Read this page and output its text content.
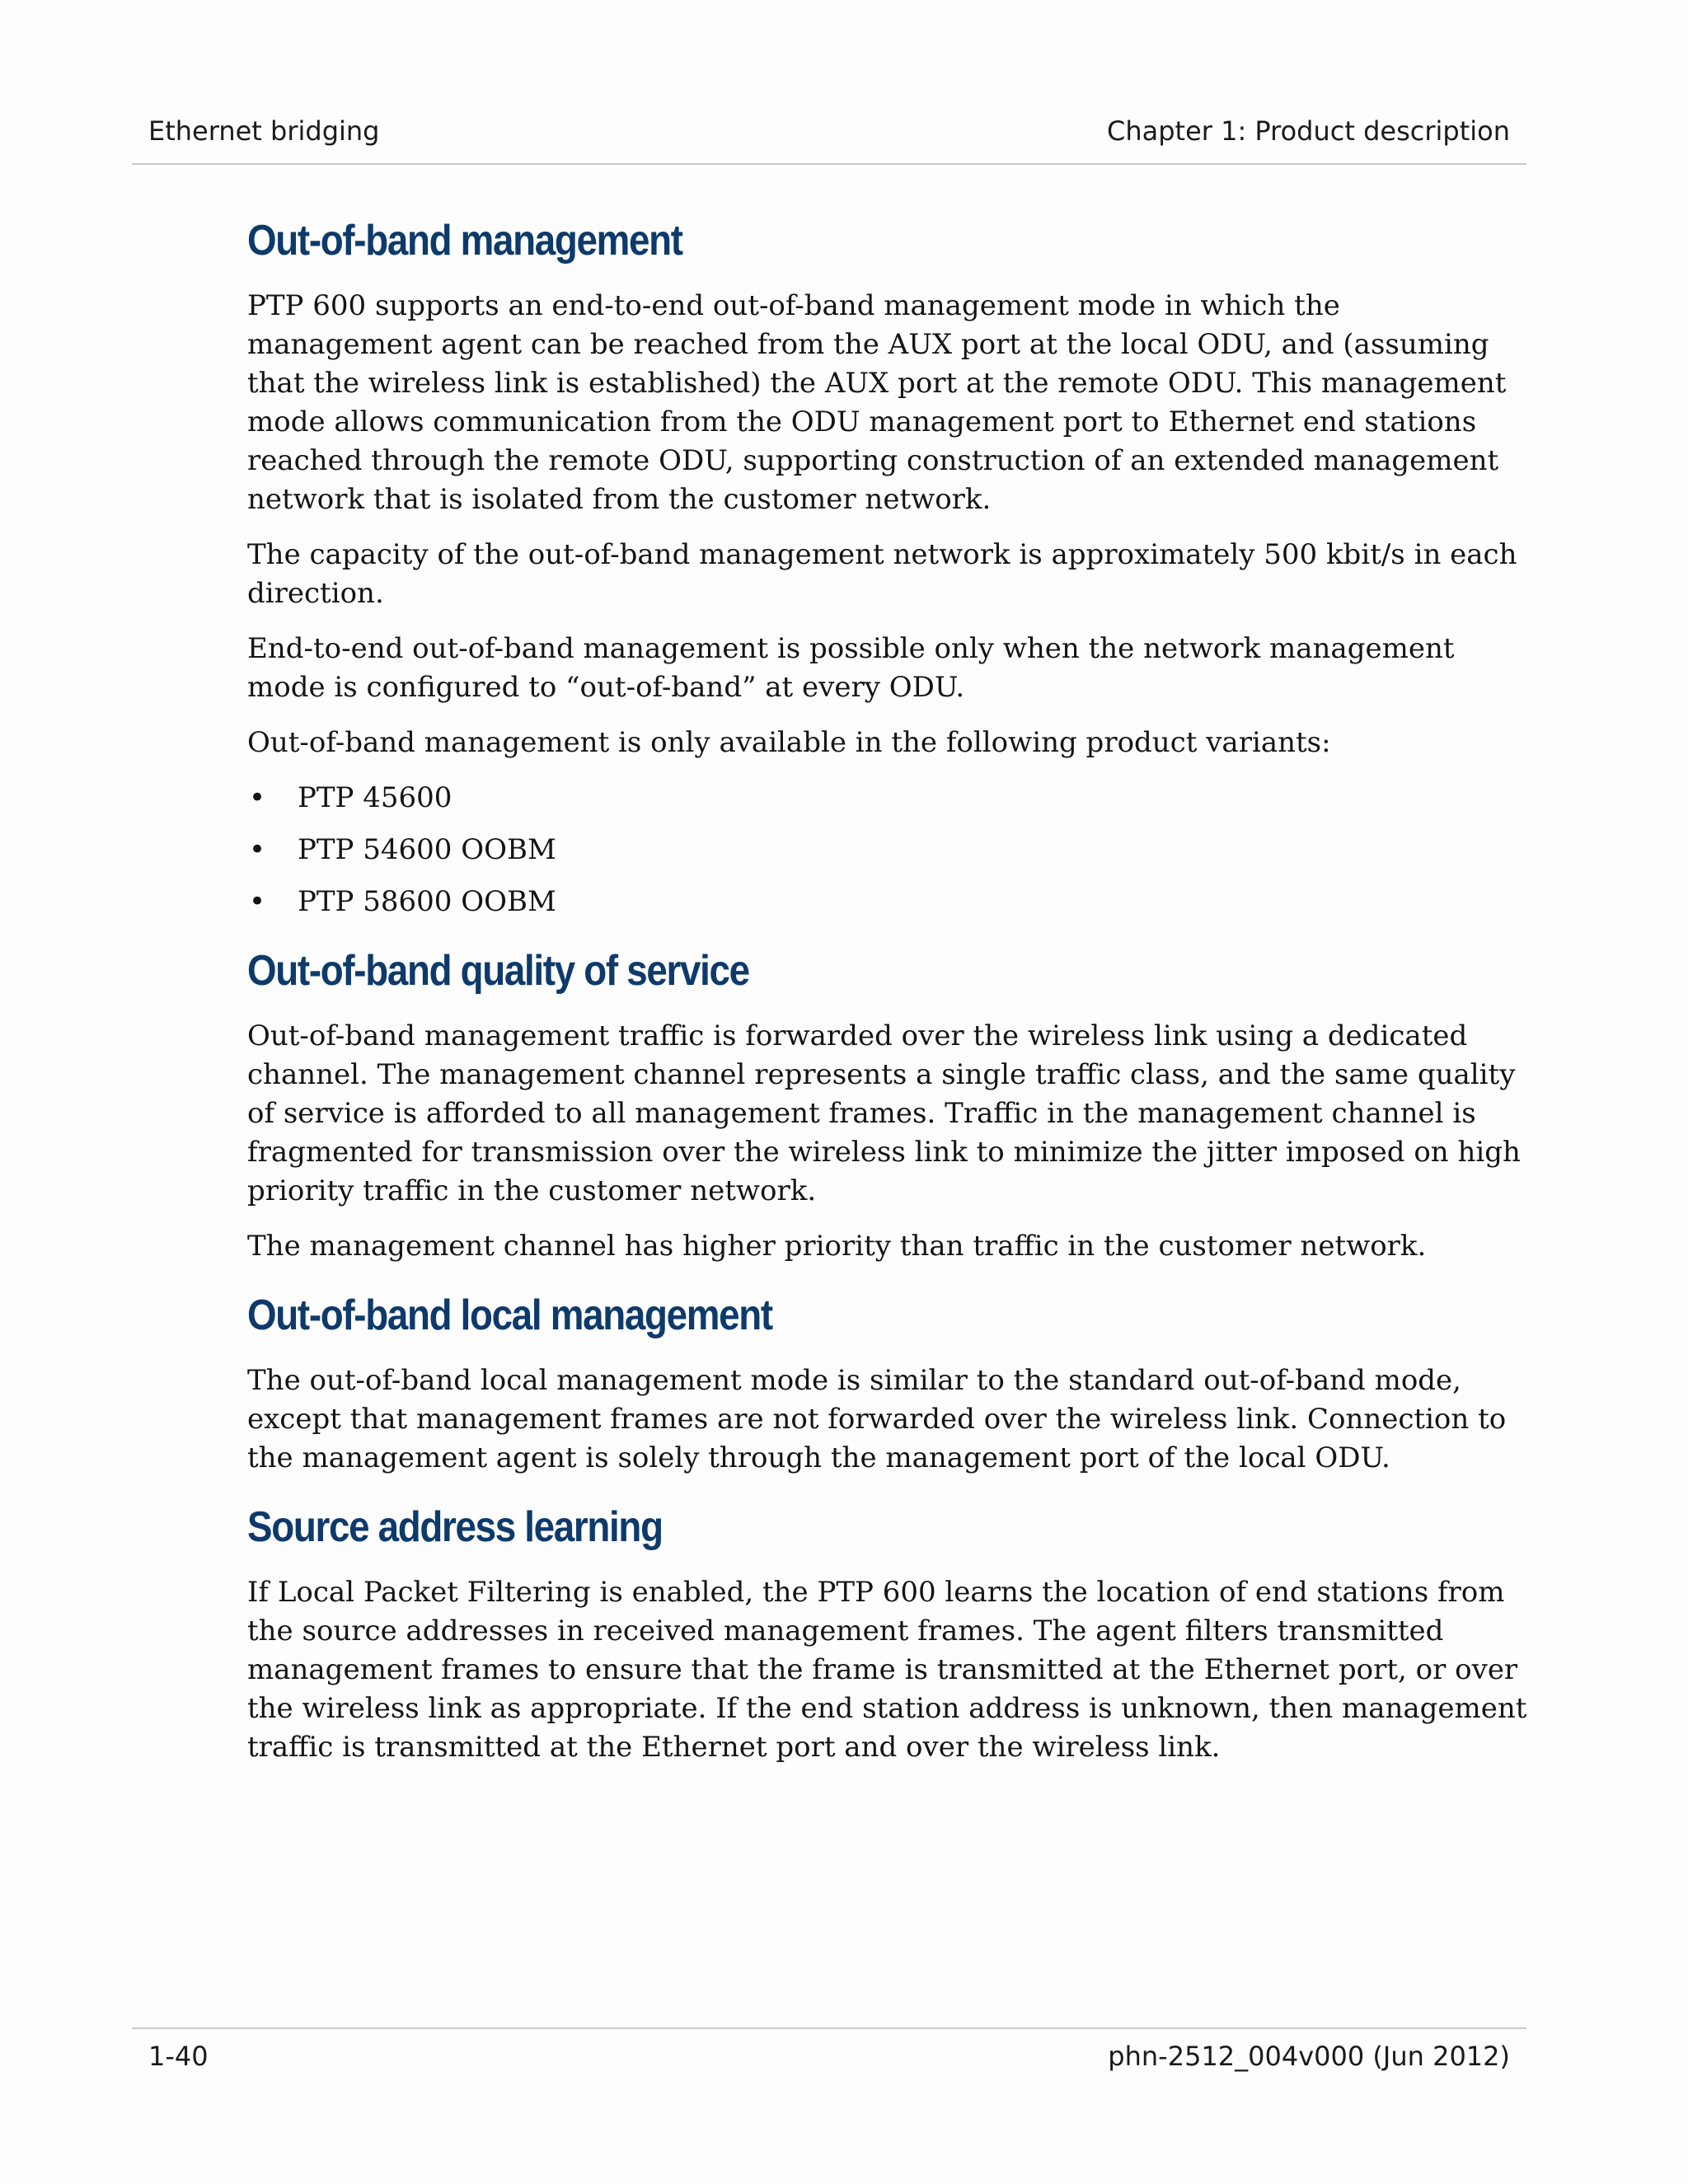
Ethernet bridging	Chapter 1: Product description
Out-of-band management

PTP 600 supports an end-to-end out-of-band management mode in which the management agent can be reached from the AUX port at the local ODU, and (assuming that the wireless link is established) the AUX port at the remote ODU. This management mode allows communication from the ODU management port to Ethernet end stations reached through the remote ODU, supporting construction of an extended management network that is isolated from the customer network.

The capacity of the out-of-band management network is approximately 500 kbit/s in each direction.

End-to-end out-of-band management is possible only when the network management mode is configured to “out-of-band” at every ODU.

Out-of-band management is only available in the following product variants:

• PTP 45600
• PTP 54600 OOBM
• PTP 58600 OOBM
Out-of-band quality of service

Out-of-band management traffic is forwarded over the wireless link using a dedicated channel. The management channel represents a single traffic class, and the same quality of service is afforded to all management frames. Traffic in the management channel is fragmented for transmission over the wireless link to minimize the jitter imposed on high priority traffic in the customer network.

The management channel has higher priority than traffic in the customer network.

Out-of-band local management

The out-of-band local management mode is similar to the standard out-of-band mode, except that management frames are not forwarded over the wireless link. Connection to the management agent is solely through the management port of the local ODU.

Source address learning

If Local Packet Filtering is enabled, the PTP 600 learns the location of end stations from the source addresses in received management frames. The agent filters transmitted management frames to ensure that the frame is transmitted at the Ethernet port, or over the wireless link as appropriate. If the end station address is unknown, then management traffic is transmitted at the Ethernet port and over the wireless link.

1-40	phn-2512_004v000 (Jun 2012)
